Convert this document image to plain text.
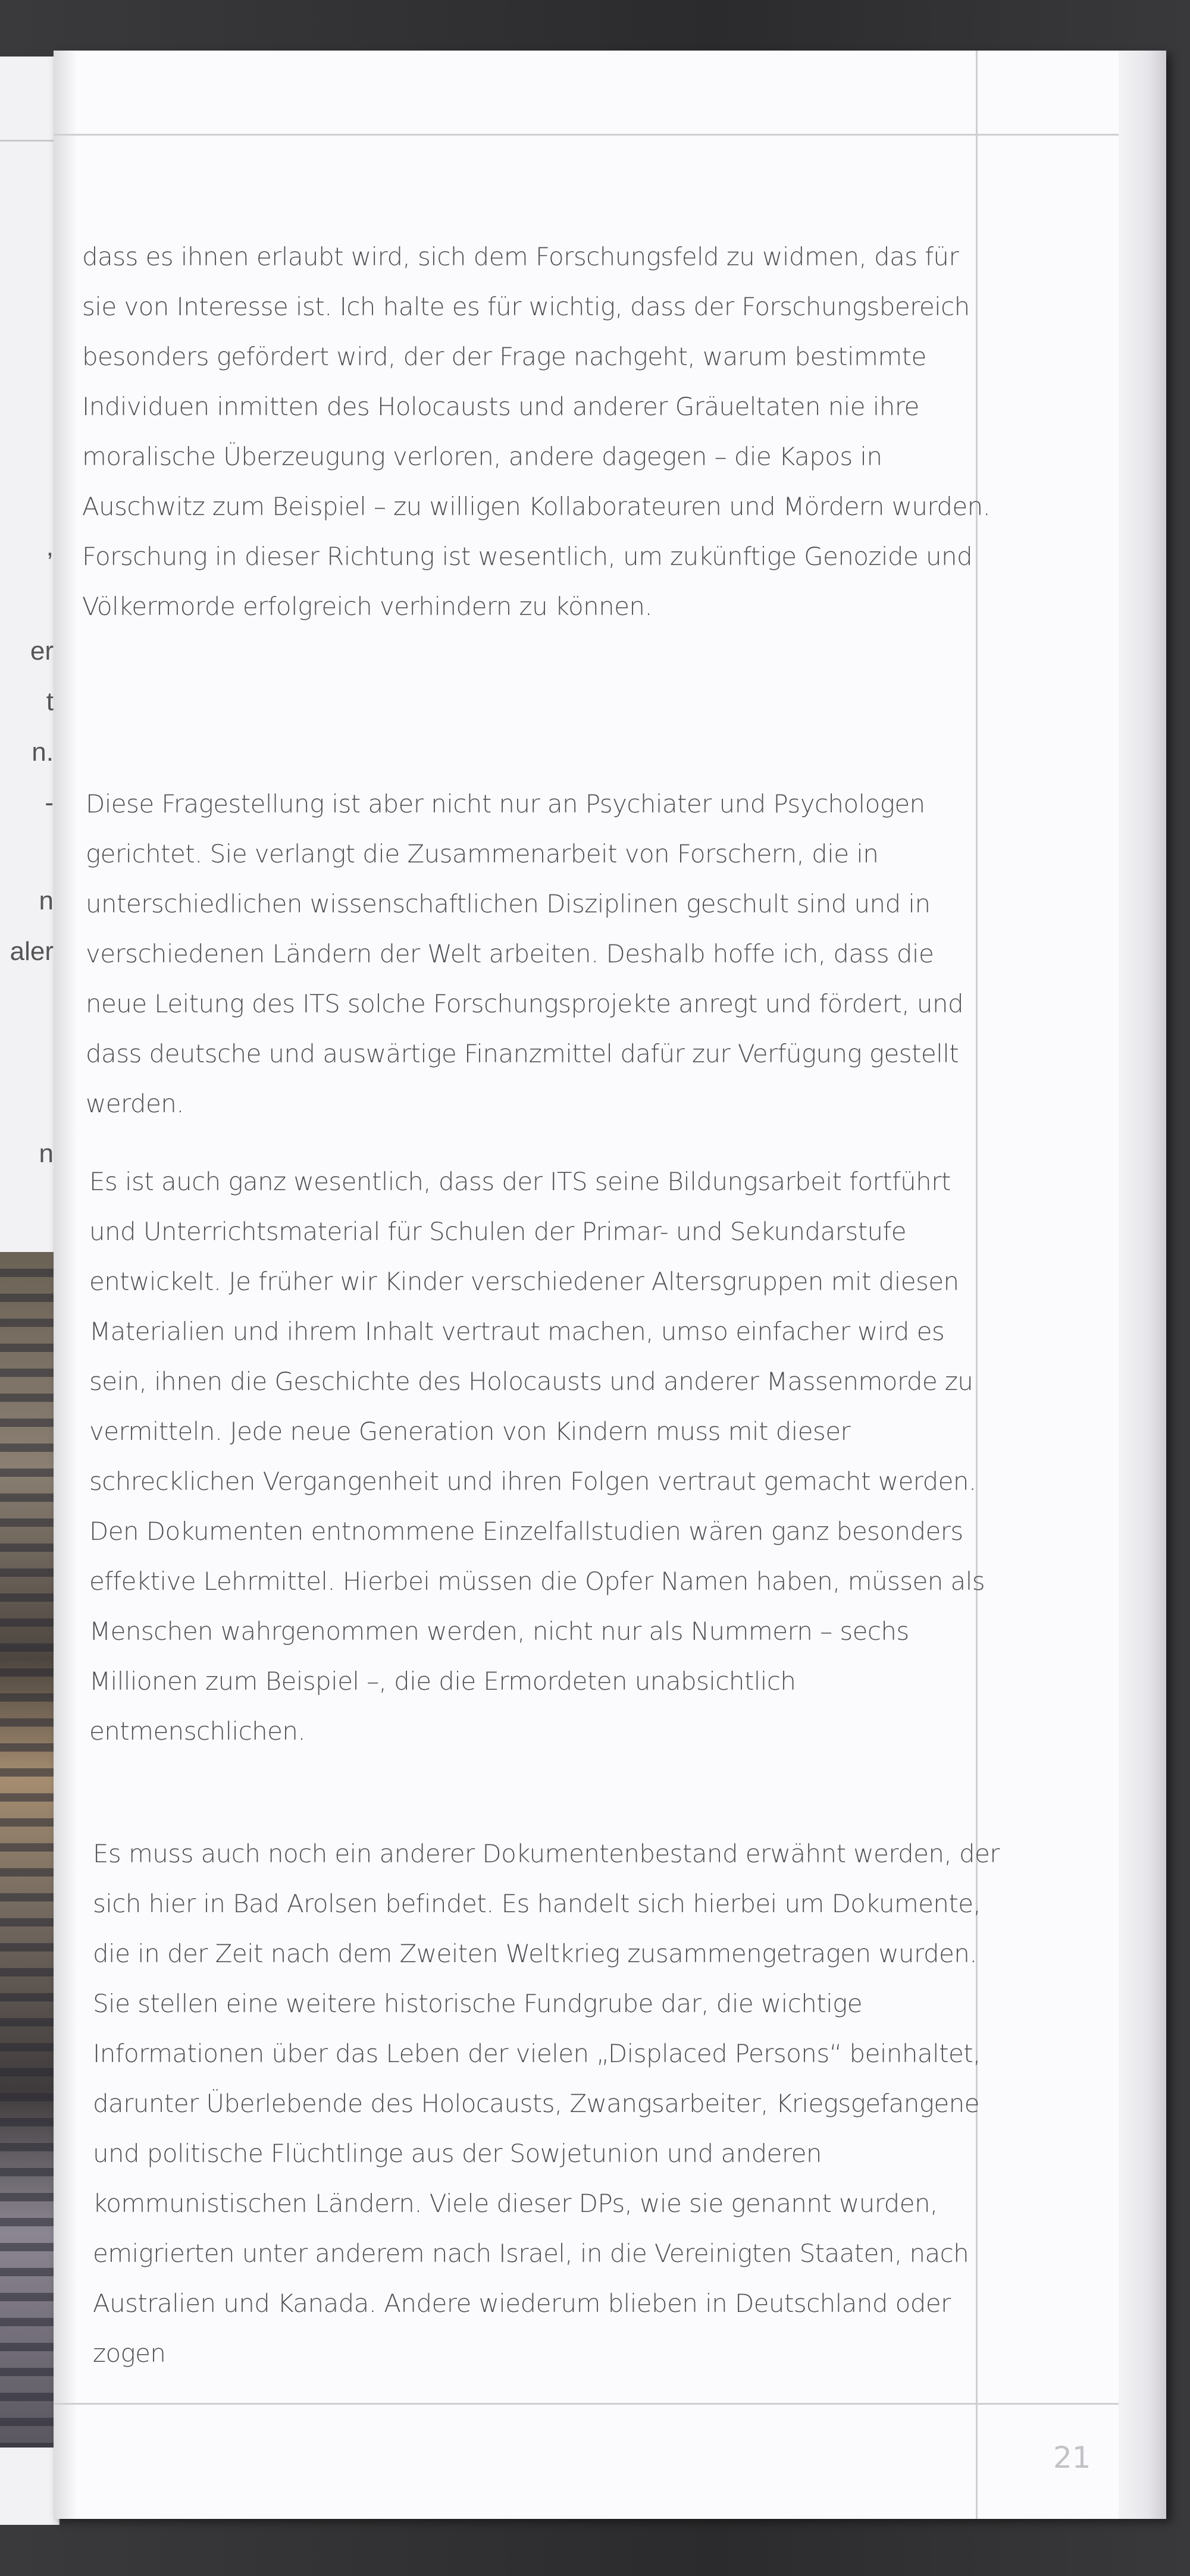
,
er
t
n.
-
n
aler
n

dass es ihnen erlaubt wird, sich dem Forschungsfeld zu widmen, das für sie von Interesse ist. Ich halte es für wichtig, dass der Forschungsbereich besonders gefördert wird, der der Frage nachgeht, warum bestimmte Individuen inmitten des Holocausts und anderer Gräueltaten nie ihre moralische Überzeugung verloren, andere dagegen – die Kapos in Auschwitz zum Beispiel – zu willigen Kollaborateuren und Mördern wurden. Forschung in dieser Richtung ist wesentlich, um zukünftige Genozide und Völkermorde erfolgreich verhindern zu können.

Diese Fragestellung ist aber nicht nur an Psychiater und Psychologen gerichtet. Sie verlangt die Zusammenarbeit von Forschern, die in unterschiedlichen wissenschaftlichen Disziplinen geschult sind und in verschiedenen Ländern der Welt arbeiten. Deshalb hoffe ich, dass die neue Leitung des ITS solche Forschungsprojekte anregt und fördert, und dass deutsche und auswärtige Finanzmittel dafür zur Verfügung gestellt werden.

Es ist auch ganz wesentlich, dass der ITS seine Bildungsarbeit fortführt und Unterrichtsmaterial für Schulen der Primar- und Sekundarstufe entwickelt. Je früher wir Kinder verschiedener Altersgruppen mit diesen Materialien und ihrem Inhalt vertraut machen, umso einfacher wird es sein, ihnen die Geschichte des Holocausts und anderer Massenmorde zu vermitteln. Jede neue Generation von Kindern muss mit dieser schrecklichen Vergangenheit und ihren Folgen vertraut gemacht werden. Den Dokumenten entnommene Einzelfallstudien wären ganz besonders effektive Lehrmittel. Hierbei müssen die Opfer Namen haben, müssen als Menschen wahrgenommen werden, nicht nur als Nummern – sechs Millionen zum Beispiel –, die die Ermordeten unabsichtlich entmenschlichen.

Es muss auch noch ein anderer Dokumentenbestand erwähnt werden, der sich hier in Bad Arolsen befindet. Es handelt sich hierbei um Dokumente, die in der Zeit nach dem Zweiten Weltkrieg zusammengetragen wurden. Sie stellen eine weitere historische Fundgrube dar, die wichtige Informationen über das Leben der vielen „Displaced Persons“ beinhaltet, darunter Überlebende des Holocausts, Zwangsarbeiter, Kriegsgefangene und politische Flüchtlinge aus der Sowjetunion und anderen kommunistischen Ländern. Viele dieser DPs, wie sie genannt wurden, emigrierten unter anderem nach Israel, in die Vereinigten Staaten, nach Australien und Kanada. Andere wiederum blieben in Deutschland oder zogen

21
